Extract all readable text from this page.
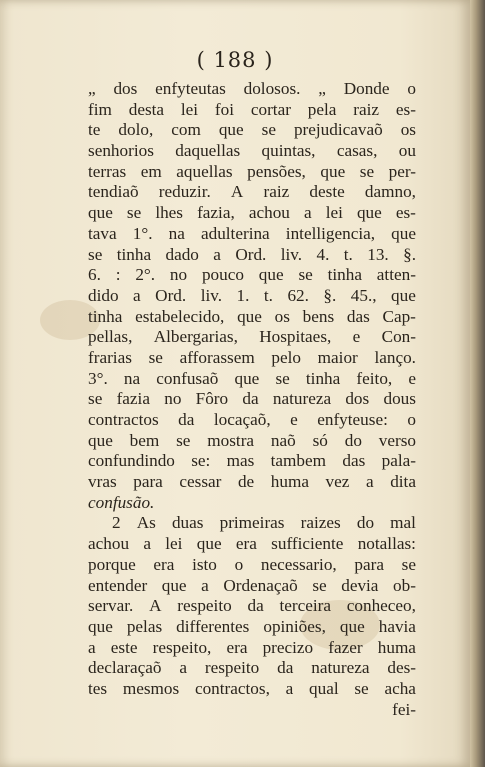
( 188 )
„ dos enfyteutas dolosos. „ Donde o
fim desta lei foi cortar pela raiz es-
te dolo, com que se prejudicavaõ os
senhorios daquellas quintas, casas, ou
terras em aquellas pensões, que se per-
tendiaõ reduzir. A raiz deste damno,
que se lhes fazia, achou a lei que es-
tava 1°. na adulterina intelligencia, que
se tinha dado a Ord. liv. 4. t. 13. §.
6. : 2°. no pouco que se tinha atten-
dido a Ord. liv. 1. t. 62. §. 45., que
tinha estabelecido, que os bens das Cap-
pellas, Albergarias, Hospitaes, e Con-
frarias se afforassem pelo maior lanço.
3°. na confusaõ que se tinha feito, e
se fazia no Fôro da natureza dos dous
contractos da locaçaõ, e enfyteuse: o
que bem se mostra naõ só do verso
confundindo se: mas tambem das pala-
vras para cessar de huma vez a dita
confusão.
2 As duas primeiras raizes do mal
achou a lei que era sufficiente notallas:
porque era isto o necessario, para se
entender que a Ordenaçaõ se devia ob-
servar. A respeito da terceira conheceo,
que pelas differentes opiniões, que havia
a este respeito, era precizo fazer huma
declaraçaõ a respeito da natureza des-
tes mesmos contractos, a qual se acha
fei-
